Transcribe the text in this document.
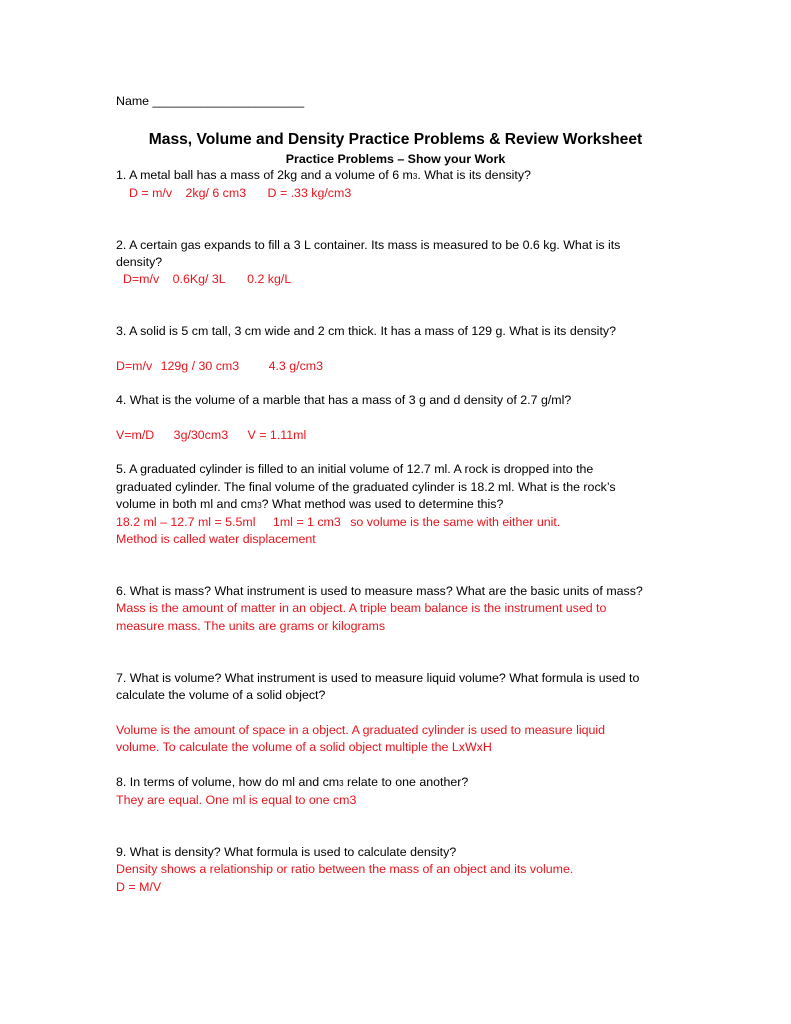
Name ______________________
Mass, Volume and Density Practice Problems & Review Worksheet
Practice Problems – Show your Work
1. A metal ball has a mass of 2kg and a volume of 6 m3. What is its density?
D = m/v 2kg/ 6 cm3 D = .33 kg/cm3
2. A certain gas expands to fill a 3 L container. Its mass is measured to be 0.6 kg. What is its
density?
D=m/v 0.6Kg/ 3L 0.2 kg/L
3. A solid is 5 cm tall, 3 cm wide and 2 cm thick. It has a mass of 129 g. What is its density?
D=m/v 129g / 30 cm3 4.3 g/cm3
4. What is the volume of a marble that has a mass of 3 g and d density of 2.7 g/ml?
V=m/D 3g/30cm3 V = 1.11ml
5. A graduated cylinder is filled to an initial volume of 12.7 ml. A rock is dropped into the
graduated cylinder. The final volume of the graduated cylinder is 18.2 ml. What is the rock’s
volume in both ml and cm3? What method was used to determine this?
18.2 ml – 12.7 ml = 5.5ml 1ml = 1 cm3 so volume is the same with either unit.
Method is called water displacement
6. What is mass? What instrument is used to measure mass? What are the basic units of mass?
Mass is the amount of matter in an object. A triple beam balance is the instrument used to
measure mass. The units are grams or kilograms
7. What is volume? What instrument is used to measure liquid volume? What formula is used to
calculate the volume of a solid object?
Volume is the amount of space in a object. A graduated cylinder is used to measure liquid
volume. To calculate the volume of a solid object multiple the LxWxH
8. In terms of volume, how do ml and cm3 relate to one another?
They are equal. One ml is equal to one cm3
9. What is density? What formula is used to calculate density?
Density shows a relationship or ratio between the mass of an object and its volume.
D = M/V
